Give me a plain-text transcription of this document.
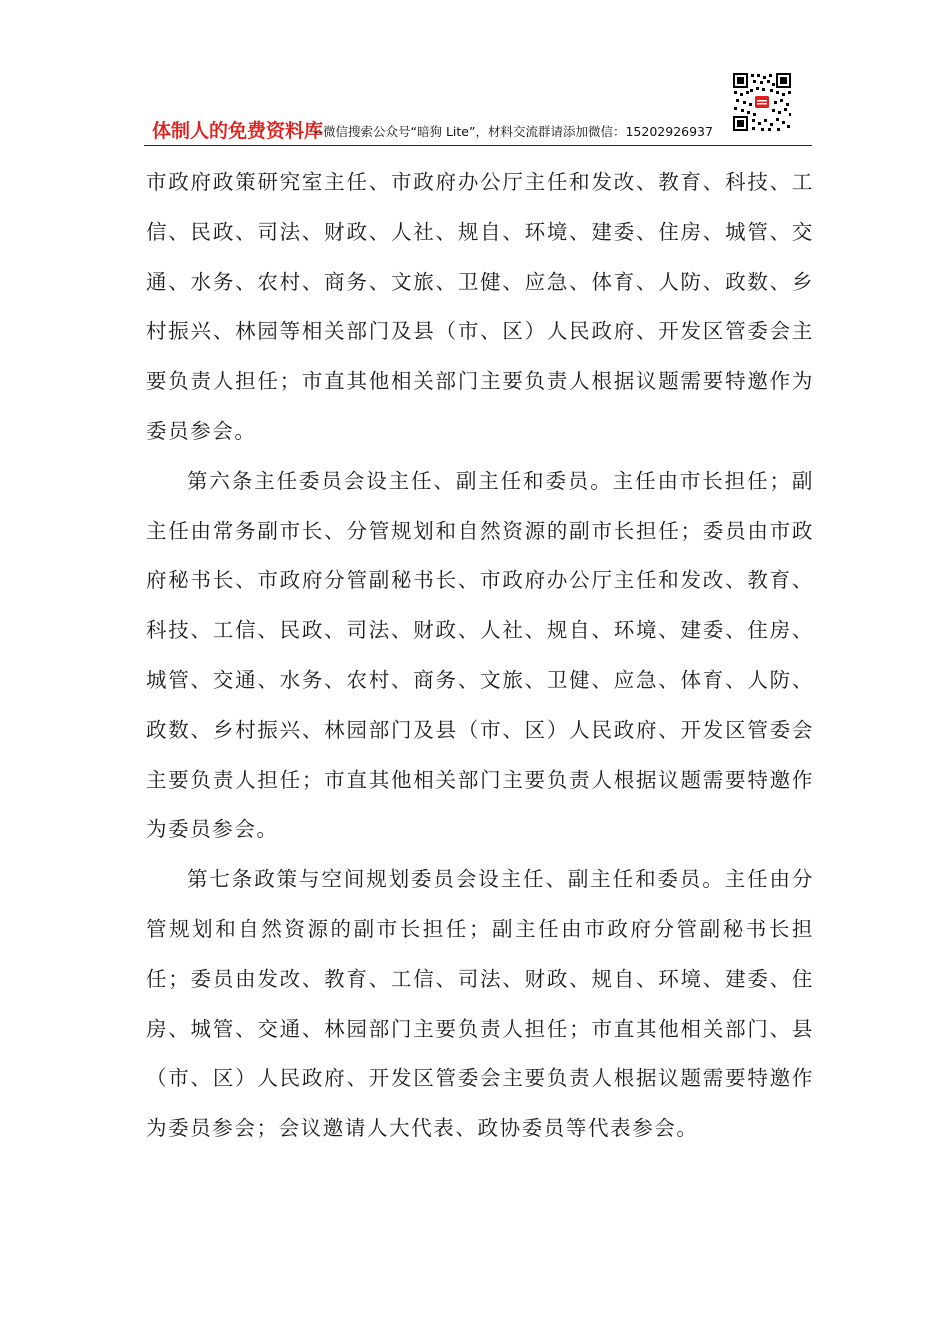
体制人的免费资料库
--微信搜索公众号“暗狗 Lite”，材料交流群请添加微信：15202926937

市政府政策研究室主任、市政府办公厅主任和发改、教育、科技、工信、民政、司法、财政、人社、规自、环境、建委、住房、城管、交通、水务、农村、商务、文旅、卫健、应急、体育、人防、政数、乡村振兴、林园等相关部门及县（市、区）人民政府、开发区管委会主要负责人担任；市直其他相关部门主要负责人根据议题需要特邀作为委员参会。

第六条主任委员会设主任、副主任和委员。主任由市长担任；副主任由常务副市长、分管规划和自然资源的副市长担任；委员由市政府秘书长、市政府分管副秘书长、市政府办公厅主任和发改、教育、科技、工信、民政、司法、财政、人社、规自、环境、建委、住房、城管、交通、水务、农村、商务、文旅、卫健、应急、体育、人防、政数、乡村振兴、林园部门及县（市、区）人民政府、开发区管委会主要负责人担任；市直其他相关部门主要负责人根据议题需要特邀作为委员参会。

第七条政策与空间规划委员会设主任、副主任和委员。主任由分管规划和自然资源的副市长担任；副主任由市政府分管副秘书长担任；委员由发改、教育、工信、司法、财政、规自、环境、建委、住房、城管、交通、林园部门主要负责人担任；市直其他相关部门、县（市、区）人民政府、开发区管委会主要负责人根据议题需要特邀作为委员参会；会议邀请人大代表、政协委员等代表参会。
